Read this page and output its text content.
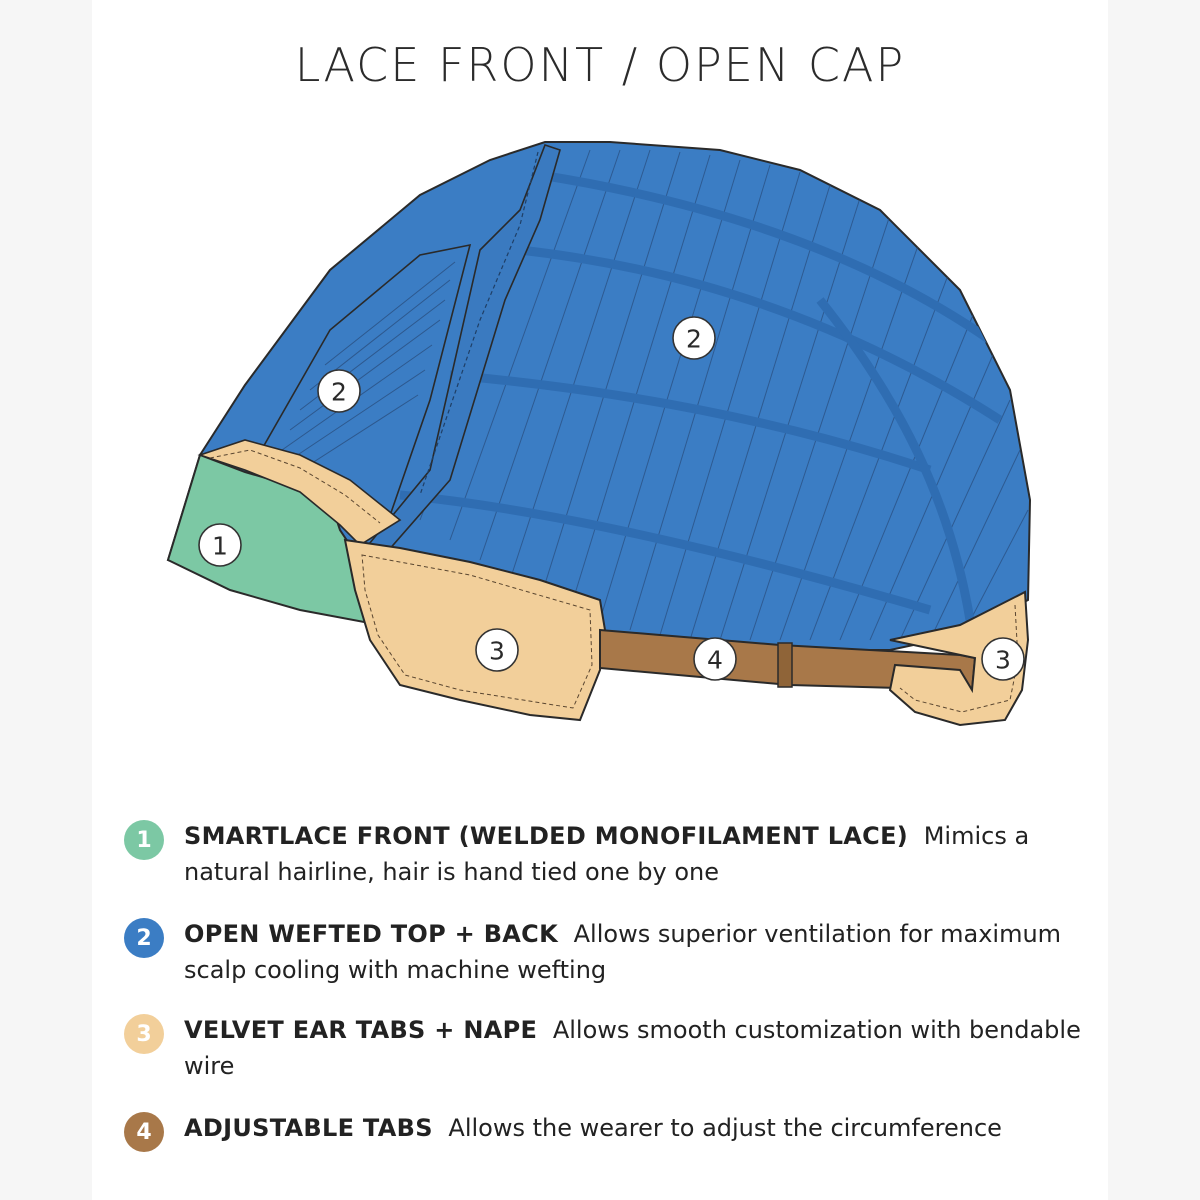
LACE FRONT / OPEN CAP
1
2
2
3	4	3
1	SMARTLACE FRONT (WELDED MONOFILAMENT LACE) Mimics a natural hairline, hair is hand tied one by one
2	OPEN WEFTED TOP + BACK Allows superior ventilation for maximum scalp cooling with machine wefting
3	VELVET EAR TABS + NAPE Allows smooth customization with bendable wire
4	ADJUSTABLE TABS Allows the wearer to adjust the circumference
